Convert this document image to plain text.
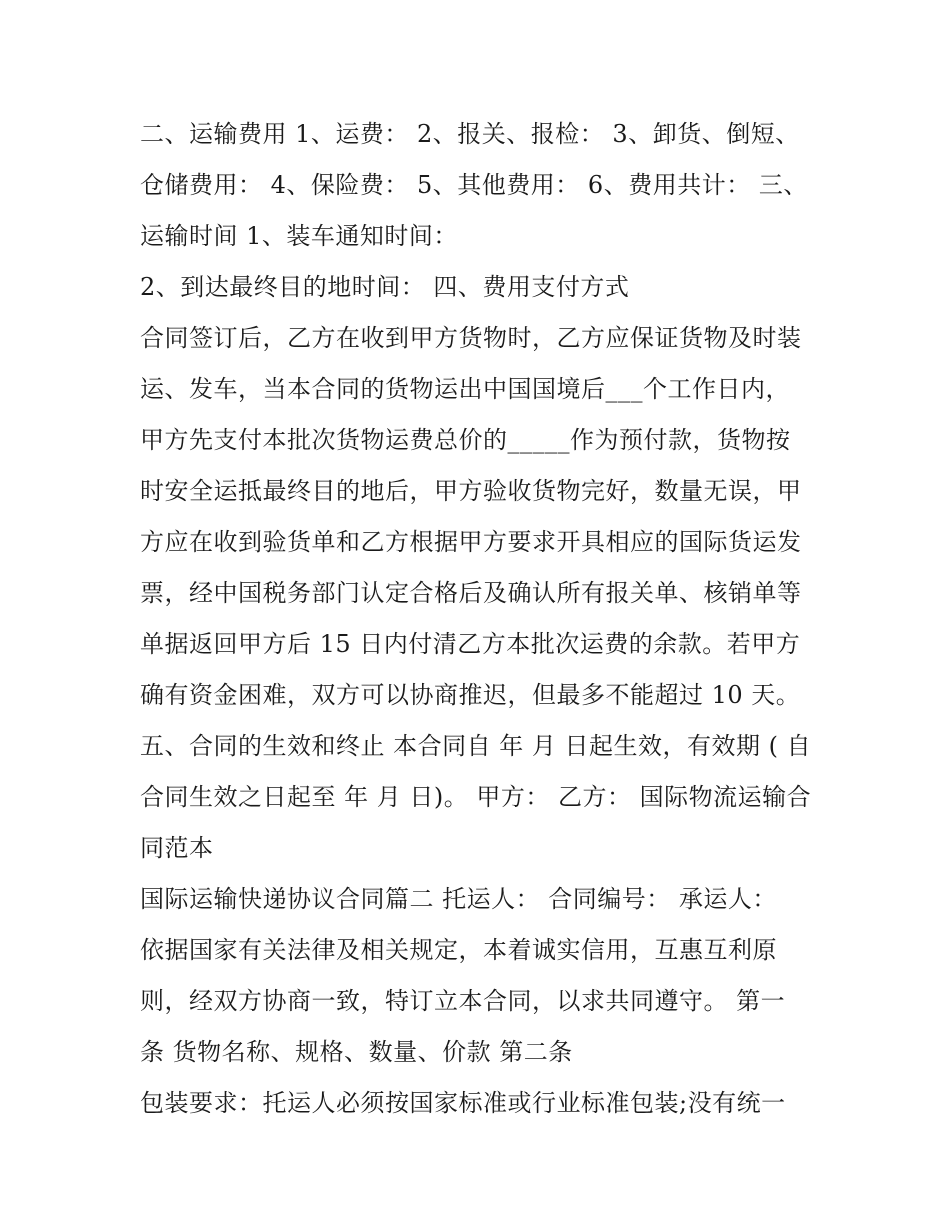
二、运输费用 1、运费： 2、报关、报检： 3、卸货、倒短、
仓储费用： 4、保险费： 5、其他费用： 6、费用共计： 三、
运输时间 1、装车通知时间：
2、到达最终目的地时间： 四、费用支付方式
合同签订后，乙方在收到甲方货物时，乙方应保证货物及时装
运、发车，当本合同的货物运出中国国境后___个工作日内，
甲方先支付本批次货物运费总价的_____作为预付款，货物按
时安全运抵最终目的地后，甲方验收货物完好，数量无误，甲
方应在收到验货单和乙方根据甲方要求开具相应的国际货运发
票，经中国税务部门认定合格后及确认所有报关单、核销单等
单据返回甲方后 15 日内付清乙方本批次运费的余款。若甲方
确有资金困难，双方可以协商推迟，但最多不能超过 10 天。
五、合同的生效和终止 本合同自 年 月 日起生效，有效期 ( 自
合同生效之日起至 年 月 日)。 甲方： 乙方： 国际物流运输合
同范本
国际运输快递协议合同篇二 托运人： 合同编号： 承运人：
依据国家有关法律及相关规定，本着诚实信用，互惠互利原
则，经双方协商一致，特订立本合同，以求共同遵守。 第一
条 货物名称、规格、数量、价款 第二条
包装要求：托运人必须按国家标准或行业标准包装;没有统一
